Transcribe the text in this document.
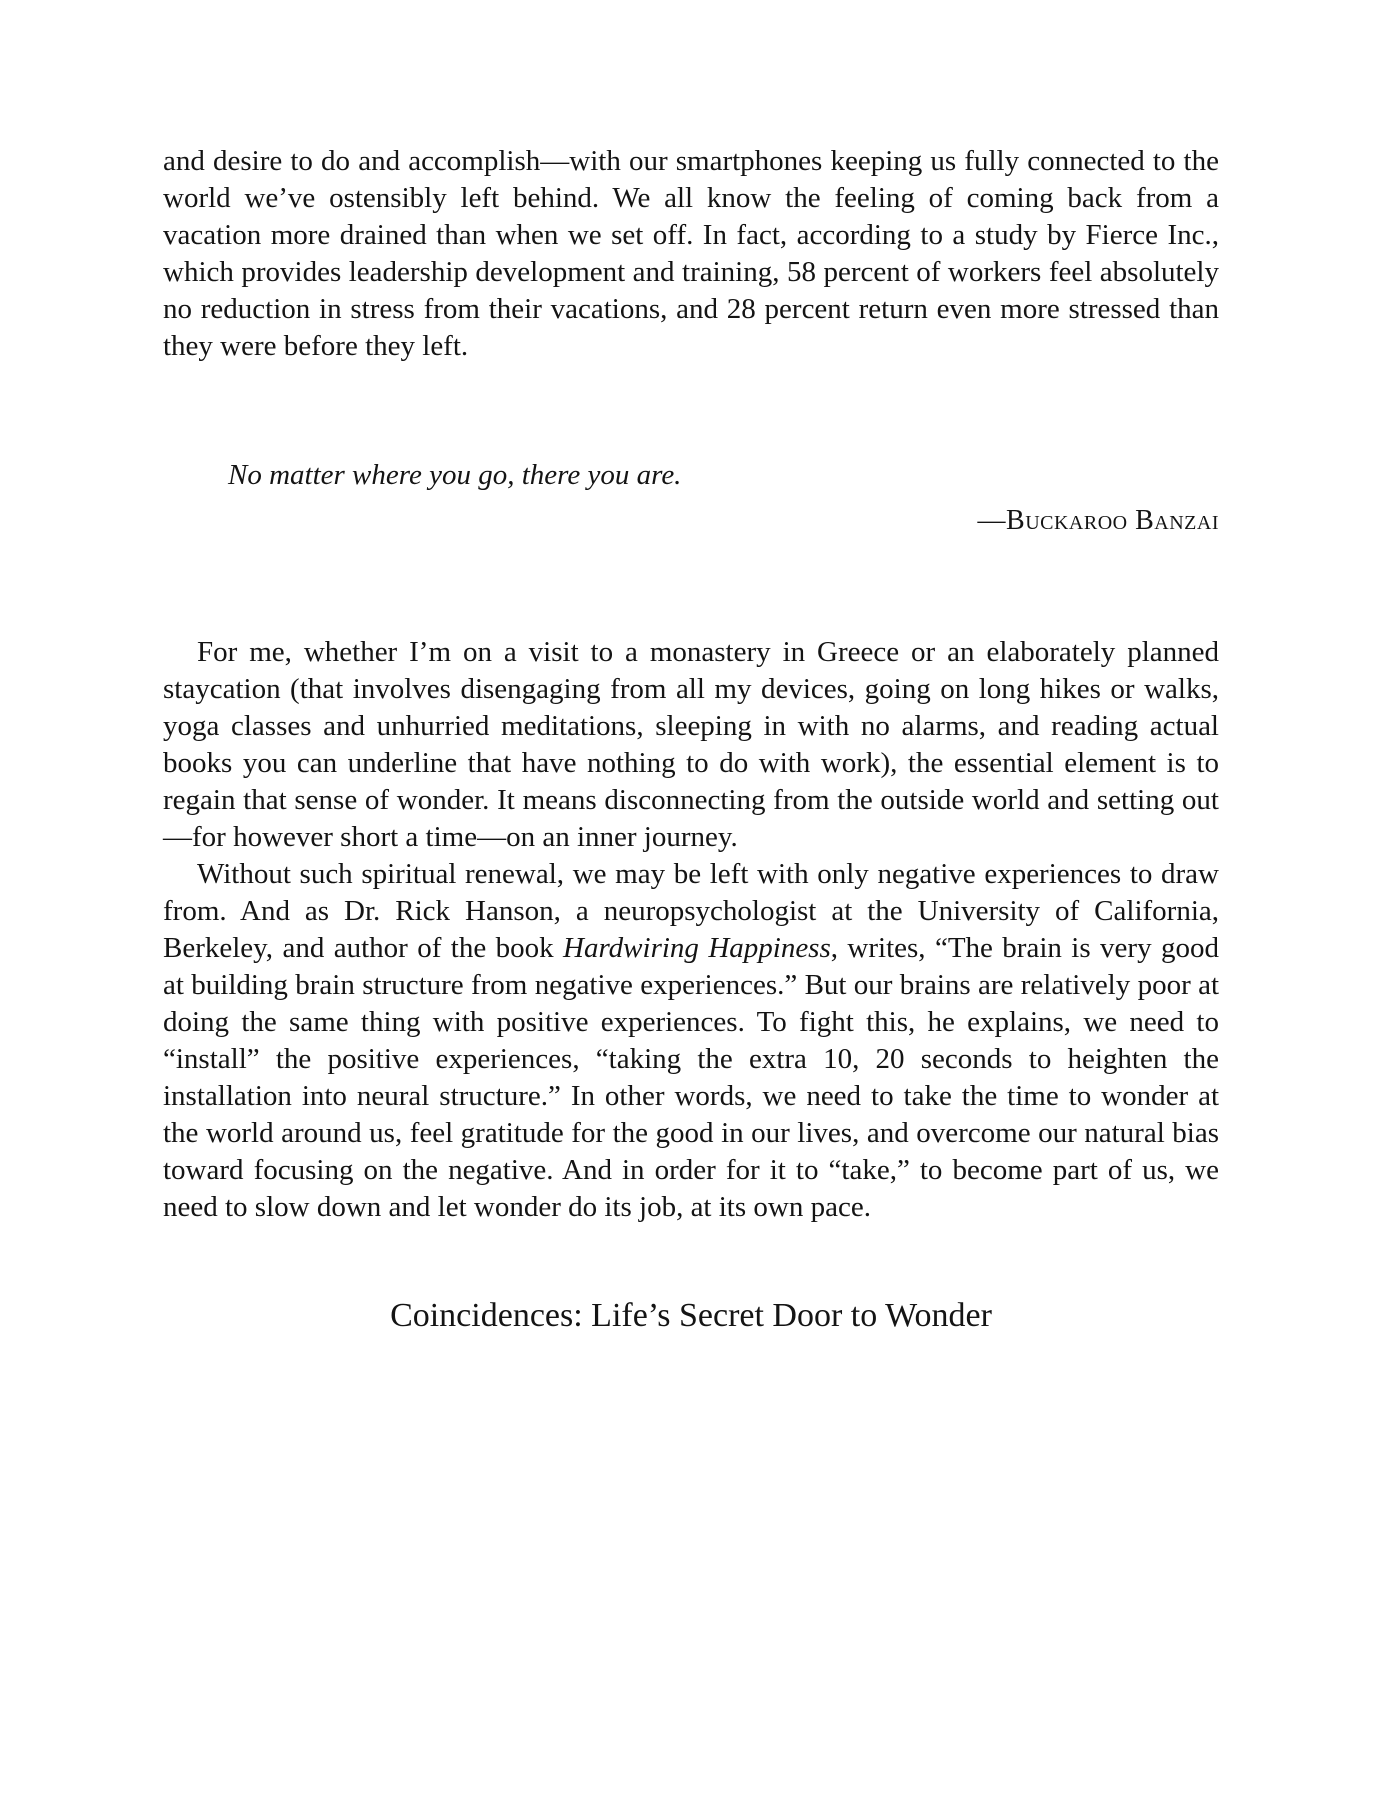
and desire to do and accomplish—with our smartphones keeping us fully connected to the world we’ve ostensibly left behind. We all know the feeling of coming back from a vacation more drained than when we set off. In fact, according to a study by Fierce Inc., which provides leadership development and training, 58 percent of workers feel absolutely no reduction in stress from their vacations, and 28 percent return even more stressed than they were before they left.

No matter where you go, there you are.

—Buckaroo Banzai

For me, whether I’m on a visit to a monastery in Greece or an elaborately planned staycation (that involves disengaging from all my devices, going on long hikes or walks, yoga classes and unhurried meditations, sleeping in with no alarms, and reading actual books you can underline that have nothing to do with work), the essential element is to regain that sense of wonder. It means disconnecting from the outside world and setting out—for however short a time—on an inner journey.

Without such spiritual renewal, we may be left with only negative experiences to draw from. And as Dr. Rick Hanson, a neuropsychologist at the University of California, Berkeley, and author of the book Hardwiring Happiness, writes, “The brain is very good at building brain structure from negative experiences.” But our brains are relatively poor at doing the same thing with positive experiences. To fight this, he explains, we need to “install” the positive experiences, “taking the extra 10, 20 seconds to heighten the installation into neural structure.” In other words, we need to take the time to wonder at the world around us, feel gratitude for the good in our lives, and overcome our natural bias toward focusing on the negative. And in order for it to “take,” to become part of us, we need to slow down and let wonder do its job, at its own pace.

Coincidences: Life’s Secret Door to Wonder
